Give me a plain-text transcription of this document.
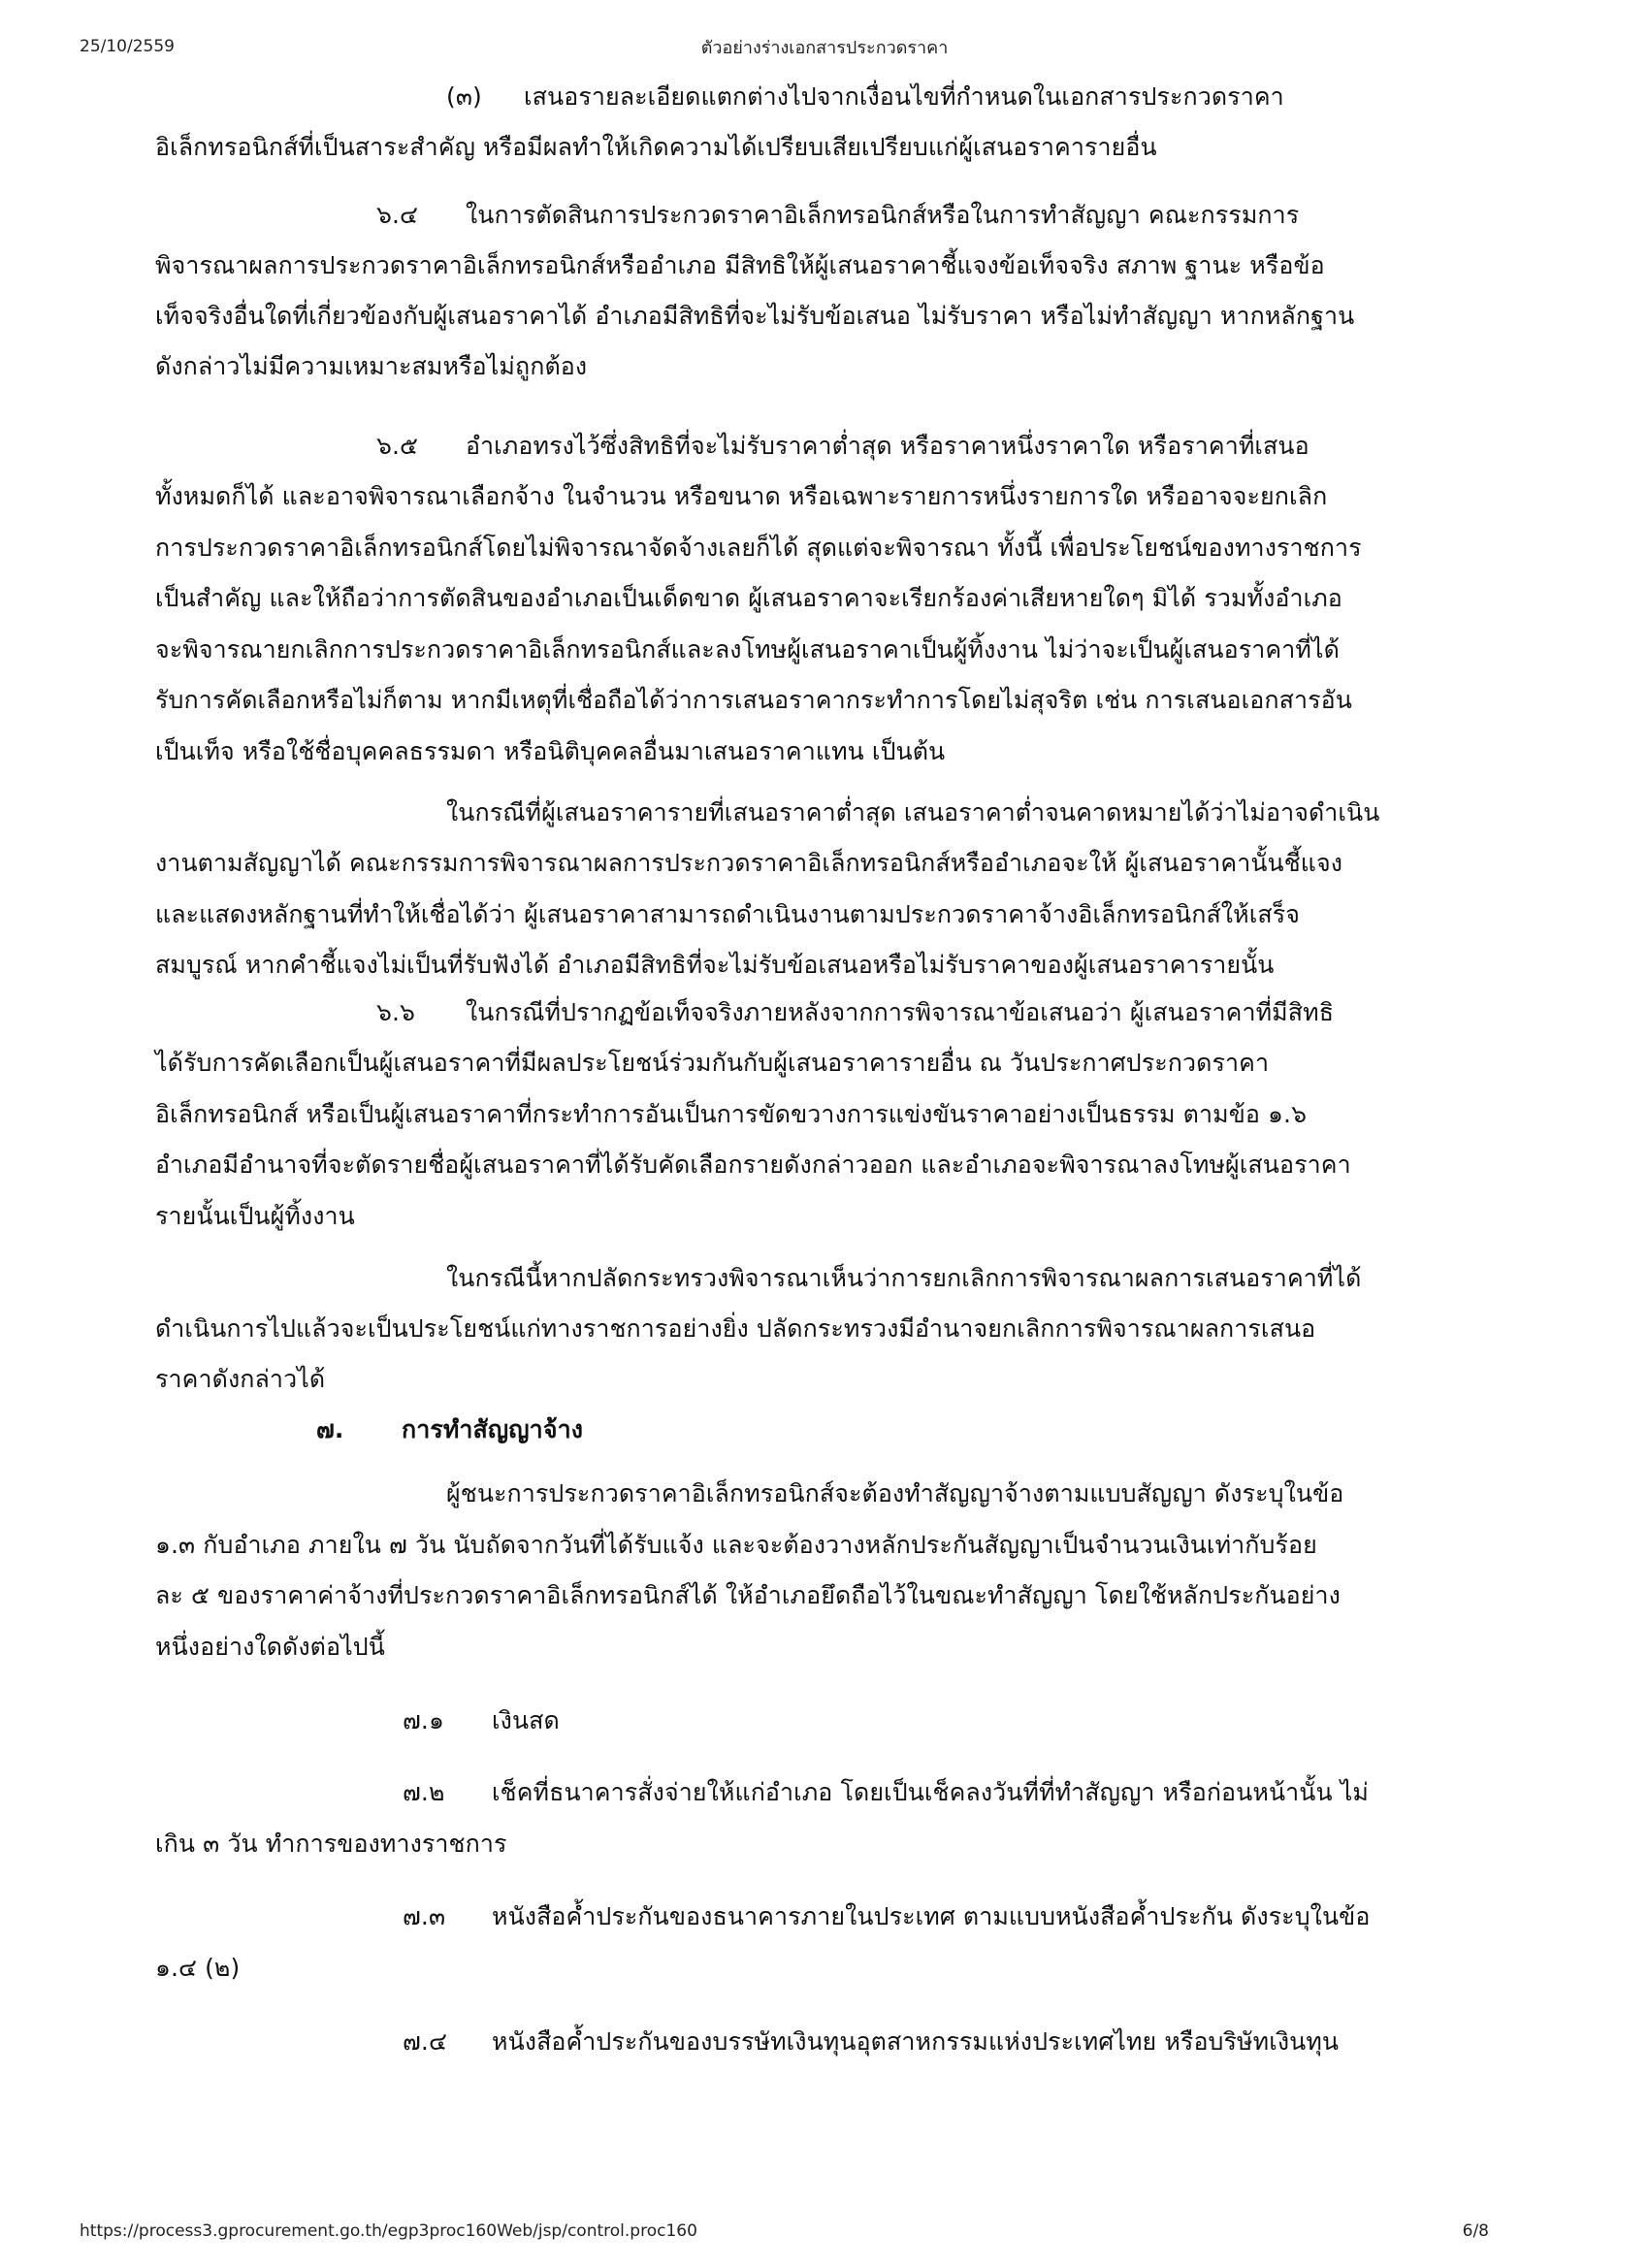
25/10/2559	ตัวอย่างร่างเอกสารประกวดราคา
(๓) เสนอรายละเอียดแตกต่างไปจากเงื่อนไขที่กำหนดในเอกสารประกวดราคา
อิเล็กทรอนิกส์ที่เป็นสาระสำคัญ หรือมีผลทำให้เกิดความได้เปรียบเสียเปรียบแก่ผู้เสนอราคารายอื่น
๖.๔ ในการตัดสินการประกวดราคาอิเล็กทรอนิกส์หรือในการทำสัญญา คณะกรรมการ
พิจารณาผลการประกวดราคาอิเล็กทรอนิกส์หรืออำเภอ มีสิทธิให้ผู้เสนอราคาชี้แจงข้อเท็จจริง สภาพ ฐานะ หรือข้อ
เท็จจริงอื่นใดที่เกี่ยวข้องกับผู้เสนอราคาได้ อำเภอมีสิทธิที่จะไม่รับข้อเสนอ ไม่รับราคา หรือไม่ทำสัญญา หากหลักฐาน
ดังกล่าวไม่มีความเหมาะสมหรือไม่ถูกต้อง
๖.๕ อำเภอทรงไว้ซึ่งสิทธิที่จะไม่รับราคาต่ำสุด หรือราคาหนึ่งราคาใด หรือราคาที่เสนอ
ทั้งหมดก็ได้ และอาจพิจารณาเลือกจ้าง ในจำนวน หรือขนาด หรือเฉพาะรายการหนึ่งรายการใด หรืออาจจะยกเลิก
การประกวดราคาอิเล็กทรอนิกส์โดยไม่พิจารณาจัดจ้างเลยก็ได้ สุดแต่จะพิจารณา ทั้งนี้ เพื่อประโยชน์ของทางราชการ
เป็นสำคัญ และให้ถือว่าการตัดสินของอำเภอเป็นเด็ดขาด ผู้เสนอราคาจะเรียกร้องค่าเสียหายใดๆ มิได้ รวมทั้งอำเภอ
จะพิจารณายกเลิกการประกวดราคาอิเล็กทรอนิกส์และลงโทษผู้เสนอราคาเป็นผู้ทิ้งงาน ไม่ว่าจะเป็นผู้เสนอราคาที่ได้
รับการคัดเลือกหรือไม่ก็ตาม หากมีเหตุที่เชื่อถือได้ว่าการเสนอราคากระทำการโดยไม่สุจริต เช่น การเสนอเอกสารอัน
เป็นเท็จ หรือใช้ชื่อบุคคลธรรมดา หรือนิติบุคคลอื่นมาเสนอราคาแทน เป็นต้น
ในกรณีที่ผู้เสนอราคารายที่เสนอราคาต่ำสุด เสนอราคาต่ำจนคาดหมายได้ว่าไม่อาจดำเนิน
งานตามสัญญาได้ คณะกรรมการพิจารณาผลการประกวดราคาอิเล็กทรอนิกส์หรืออำเภอจะให้ ผู้เสนอราคานั้นชี้แจง
และแสดงหลักฐานที่ทำให้เชื่อได้ว่า ผู้เสนอราคาสามารถดำเนินงานตามประกวดราคาจ้างอิเล็กทรอนิกส์ให้เสร็จ
สมบูรณ์ หากคำชี้แจงไม่เป็นที่รับฟังได้ อำเภอมีสิทธิที่จะไม่รับข้อเสนอหรือไม่รับราคาของผู้เสนอราคารายนั้น
๖.๖ ในกรณีที่ปรากฏข้อเท็จจริงภายหลังจากการพิจารณาข้อเสนอว่า ผู้เสนอราคาที่มีสิทธิ
ได้รับการคัดเลือกเป็นผู้เสนอราคาที่มีผลประโยชน์ร่วมกันกับผู้เสนอราคารายอื่น ณ วันประกาศประกวดราคา
อิเล็กทรอนิกส์ หรือเป็นผู้เสนอราคาที่กระทำการอันเป็นการขัดขวางการแข่งขันราคาอย่างเป็นธรรม ตามข้อ ๑.๖
อำเภอมีอำนาจที่จะตัดรายชื่อผู้เสนอราคาที่ได้รับคัดเลือกรายดังกล่าวออก และอำเภอจะพิจารณาลงโทษผู้เสนอราคา
รายนั้นเป็นผู้ทิ้งงาน
ในกรณีนี้หากปลัดกระทรวงพิจารณาเห็นว่าการยกเลิกการพิจารณาผลการเสนอราคาที่ได้
ดำเนินการไปแล้วจะเป็นประโยชน์แก่ทางราชการอย่างยิ่ง ปลัดกระทรวงมีอำนาจยกเลิกการพิจารณาผลการเสนอ
ราคาดังกล่าวได้
๗. การทำสัญญาจ้าง
ผู้ชนะการประกวดราคาอิเล็กทรอนิกส์จะต้องทำสัญญาจ้างตามแบบสัญญา ดังระบุในข้อ
๑.๓ กับอำเภอ ภายใน ๗ วัน นับถัดจากวันที่ได้รับแจ้ง และจะต้องวางหลักประกันสัญญาเป็นจำนวนเงินเท่ากับร้อย
ละ ๕ ของราคาค่าจ้างที่ประกวดราคาอิเล็กทรอนิกส์ได้ ให้อำเภอยึดถือไว้ในขณะทำสัญญา โดยใช้หลักประกันอย่าง
หนึ่งอย่างใดดังต่อไปนี้
๗.๑ เงินสด
๗.๒ เช็คที่ธนาคารสั่งจ่ายให้แก่อำเภอ โดยเป็นเช็คลงวันที่ที่ทำสัญญา หรือก่อนหน้านั้น ไม่
เกิน ๓ วัน ทำการของทางราชการ
๗.๓ หนังสือค้ำประกันของธนาคารภายในประเทศ ตามแบบหนังสือค้ำประกัน ดังระบุในข้อ
๑.๔ (๒)
๗.๔ หนังสือค้ำประกันของบรรษัทเงินทุนอุตสาหกรรมแห่งประเทศไทย หรือบริษัทเงินทุน
https://process3.gprocurement.go.th/egp3proc160Web/jsp/control.proc160	6/8
